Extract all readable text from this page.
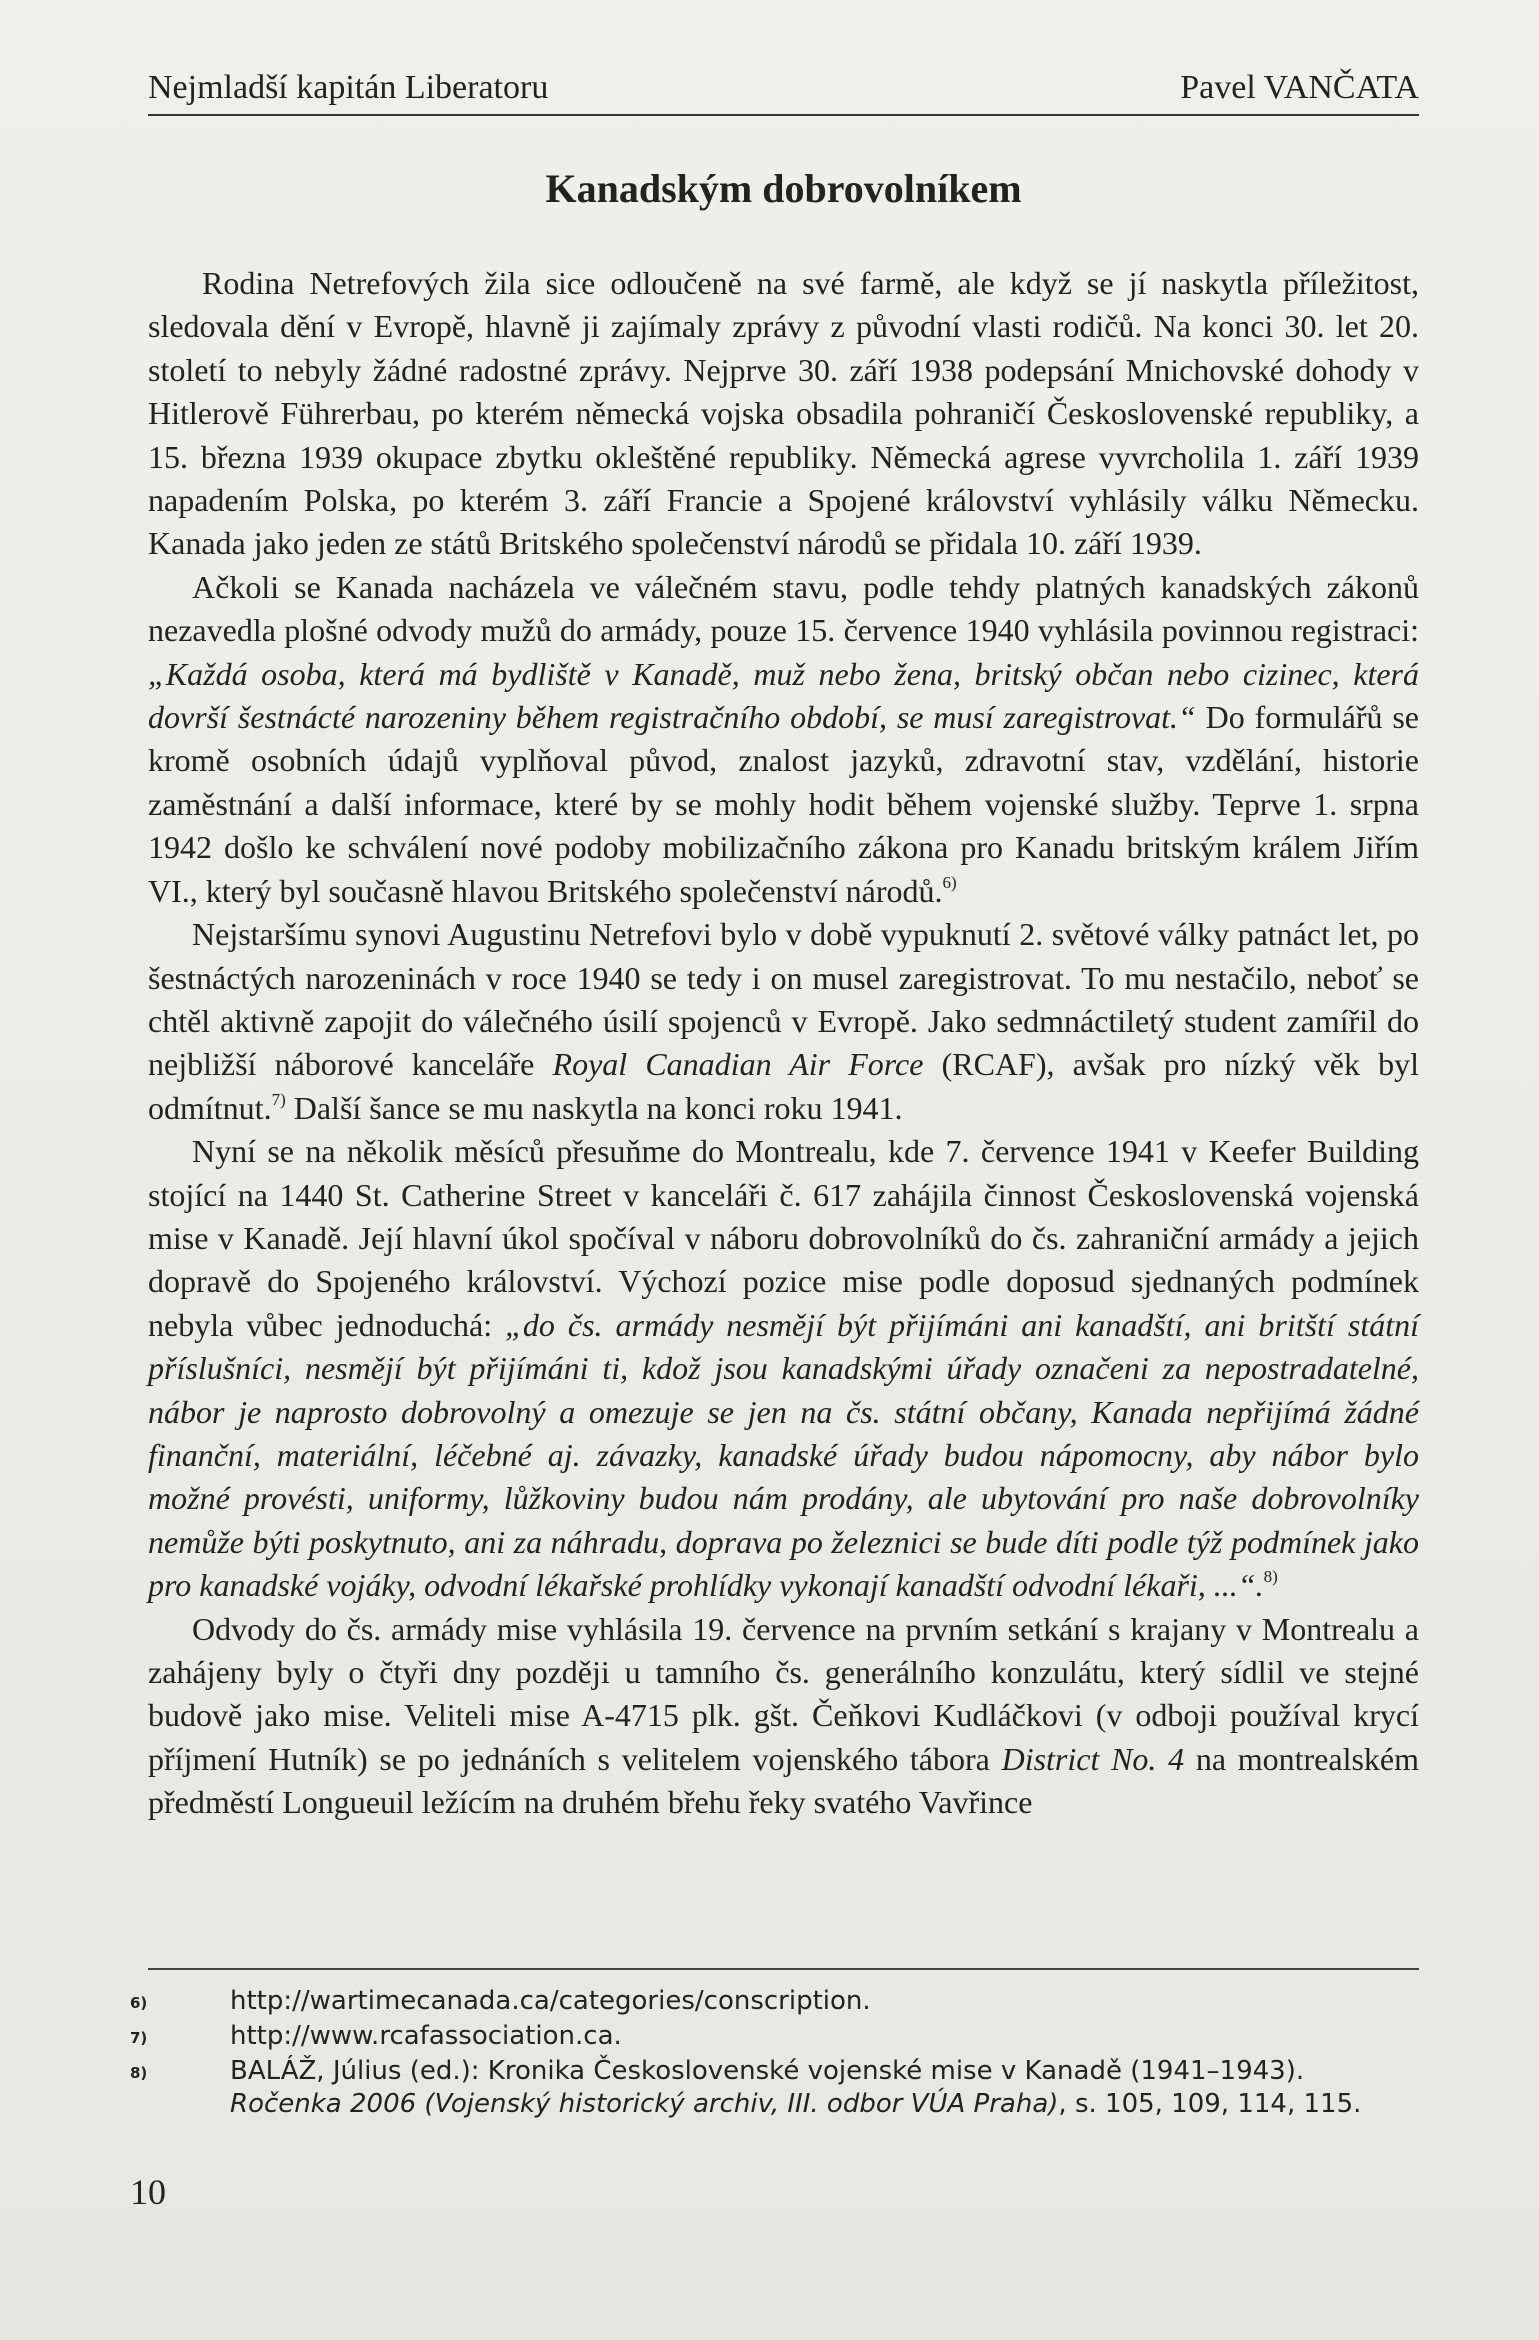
Nejmladší kapitán Liberatoru	Pavel VANČATA
Kanadským dobrovolníkem

Rodina Netrefových žila sice odloučeně na své farmě, ale když se jí naskytla příležitost, sledovala dění v Evropě, hlavně ji zajímaly zprávy z původní vlasti rodičů. Na konci 30. let 20. století to nebyly žádné radostné zprávy. Nejprve 30. září 1938 podepsání Mnichovské dohody v Hitlerově Führerbau, po kterém německá vojska obsadila pohraničí Československé republiky, a 15. března 1939 okupace zbytku okleštěné republiky. Německá agrese vyvrcholila 1. září 1939 napadením Polska, po kterém 3. září Francie a Spojené království vyhlásily válku Německu. Kanada jako jeden ze států Britského společenství národů se přidala 10. září 1939.

Ačkoli se Kanada nacházela ve válečném stavu, podle tehdy platných kanadských zákonů nezavedla plošné odvody mužů do armády, pouze 15. července 1940 vyhlásila povinnou registraci: „Každá osoba, která má bydliště v Kanadě, muž nebo žena, britský občan nebo cizinec, která dovrší šestnácté narozeniny během registračního období, se musí zaregistrovat.“ Do formulářů se kromě osobních údajů vyplňoval původ, znalost jazyků, zdravotní stav, vzdělání, historie zaměstnání a další informace, které by se mohly hodit během vojenské služby. Teprve 1. srpna 1942 došlo ke schválení nové podoby mobilizačního zákona pro Kanadu britským králem Jiřím VI., který byl současně hlavou Britského společenství národů.$^{6)}$

Nejstaršímu synovi Augustinu Netrefovi bylo v době vypuknutí 2. světové války patnáct let, po šestnáctých narozeninách v roce 1940 se tedy i on musel zaregistrovat. To mu nestačilo, neboť se chtěl aktivně zapojit do válečného úsilí spojenců v Evropě. Jako sedmnáctiletý student zamířil do nejbližší náborové kanceláře Royal Canadian Air Force (RCAF), avšak pro nízký věk byl odmítnut.$^{7)}$ Další šance se mu naskytla na konci roku 1941.

Nyní se na několik měsíců přesuňme do Montrealu, kde 7. července 1941 v Keefer Building stojící na 1440 St. Catherine Street v kanceláři č. 617 zahájila činnost Československá vojenská mise v Kanadě. Její hlavní úkol spočíval v náboru dobrovolníků do čs. zahraniční armády a jejich dopravě do Spojeného království. Výchozí pozice mise podle doposud sjednaných podmínek nebyla vůbec jednoduchá: „do čs. armády nesmějí být přijímáni ani kanadští, ani britští státní příslušníci, nesmějí být přijímáni ti, kdož jsou kanadskými úřady označeni za nepostradatelné, nábor je naprosto dobrovolný a omezuje se jen na čs. státní občany, Kanada nepřijímá žádné finanční, materiální, léčebné aj. závazky, kanadské úřady budou nápomocny, aby nábor bylo možné provésti, uniformy, lůžkoviny budou nám prodány, ale ubytování pro naše dobrovolníky nemůže býti poskytnuto, ani za náhradu, doprava po železnici se bude díti podle týž podmínek jako pro kanadské vojáky, odvodní lékařské prohlídky vykonají kanadští odvodní lékaři, ...“.$^{8)}$

Odvody do čs. armády mise vyhlásila 19. července na prvním setkání s krajany v Montrealu a zahájeny byly o čtyři dny později u tamního čs. generálního konzulátu, který sídlil ve stejné budově jako mise. Veliteli mise A-4715 plk. gšt. Čeňkovi Kudláčkovi (v odboji používal krycí příjmení Hutník) se po jednáních s velitelem vojenského tábora District No. 4 na montrealském předměstí Longueuil ležícím na druhém břehu řeky svatého Vavřince

6)	http://wartimecanada.ca/categories/conscription.
7)	http://www.rcafassociation.ca.
8)	BALÁŽ, Július (ed.): Kronika Československé vojenské mise v Kanadě (1941–1943). Ročenka 2006 (Vojenský historický archiv, III. odbor VÚA Praha), s. 105, 109, 114, 115.
10
